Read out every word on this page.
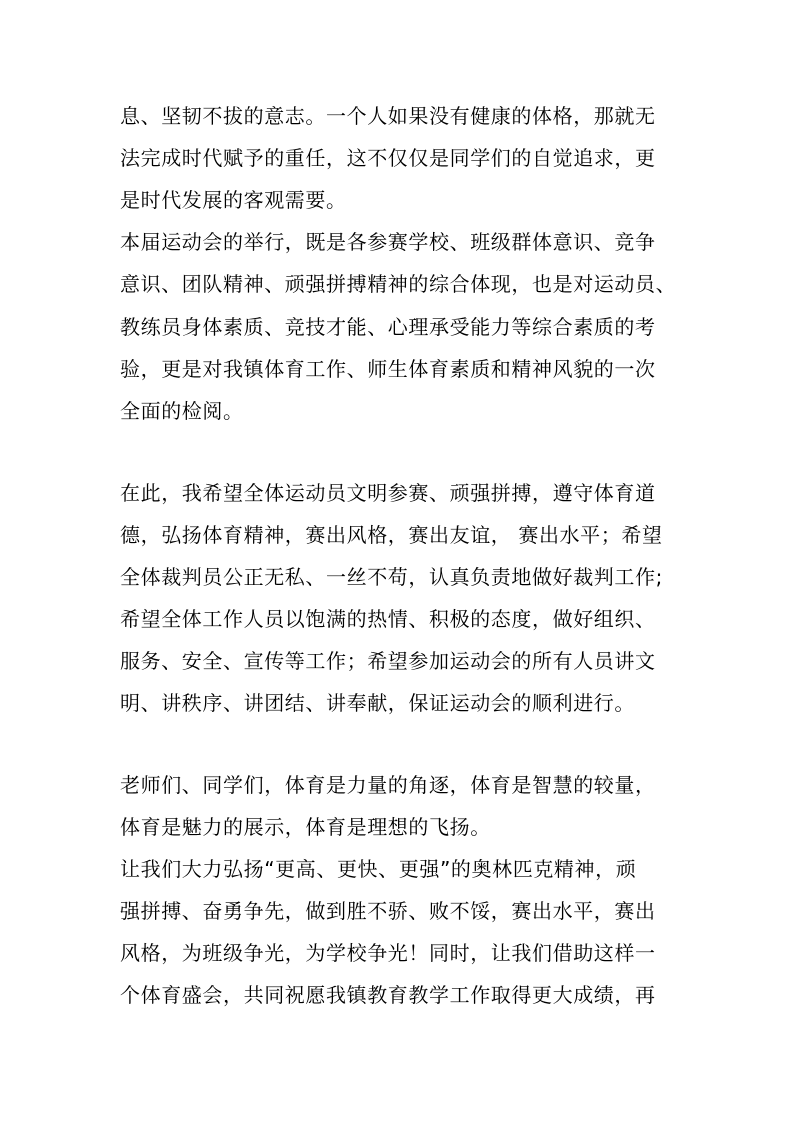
息、坚韧不拔的意志。一个人如果没有健康的体格，那就无
法完成时代赋予的重任，这不仅仅是同学们的自觉追求，更
是时代发展的客观需要。
本届运动会的举行，既是各参赛学校、班级群体意识、竞争
意识、团队精神、顽强拼搏精神的综合体现，也是对运动员、
教练员身体素质、竞技才能、心理承受能力等综合素质的考
验，更是对我镇体育工作、师生体育素质和精神风貌的一次
全面的检阅。
在此，我希望全体运动员文明参赛、顽强拼搏，遵守体育道
德，弘扬体育精神，赛出风格，赛出友谊， 赛出水平；希望
全体裁判员公正无私、一丝不苟，认真负责地做好裁判工作;
希望全体工作人员以饱满的热情、积极的态度，做好组织、
服务、安全、宣传等工作；希望参加运动会的所有人员讲文
明、讲秩序、讲团结、讲奉献，保证运动会的顺利进行。
老师们、同学们，体育是力量的角逐，体育是智慧的较量，
体育是魅力的展示，体育是理想的飞扬。
让我们大力弘扬“更高、更快、更强”的奥林匹克精神，顽
强拼搏、奋勇争先，做到胜不骄、败不馁，赛出水平，赛出
风格，为班级争光，为学校争光！同时，让我们借助这样一
个体育盛会，共同祝愿我镇教育教学工作取得更大成绩，再
